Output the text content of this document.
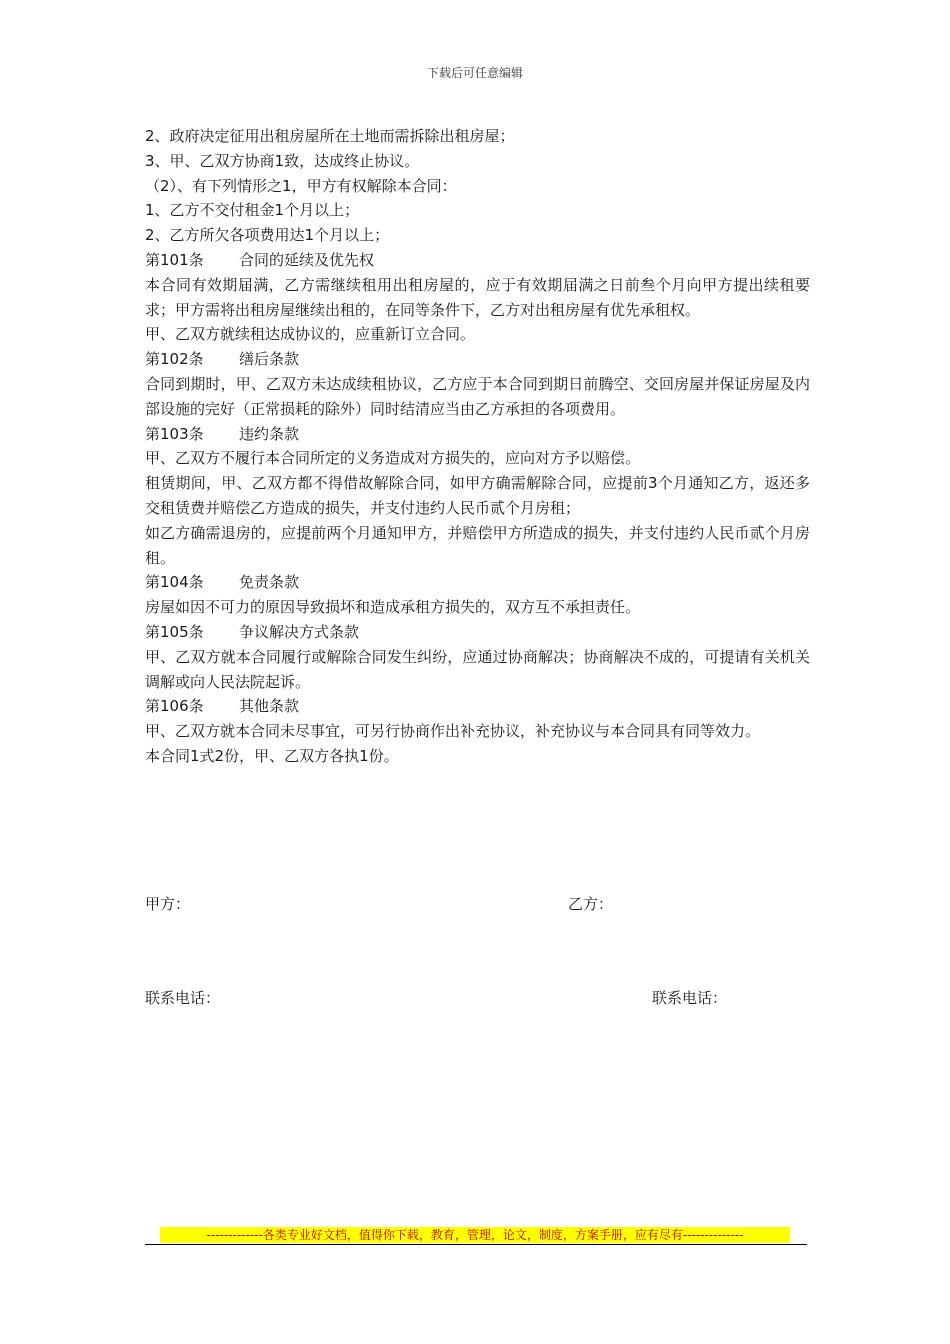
下载后可任意编辑

2、政府决定征用出租房屋所在土地而需拆除出租房屋；

3、甲、乙双方协商1致，达成终止协议。

（2）、有下列情形之1，甲方有权解除本合同：

1、乙方不交付租金1个月以上；

2、乙方所欠各项费用达1个月以上；

第101条 合同的延续及优先权

本合同有效期届满，乙方需继续租用出租房屋的，应于有效期届满之日前叁个月向甲方提出续租要求；甲方需将出租房屋继续出租的，在同等条件下，乙方对出租房屋有优先承租权。

甲、乙双方就续租达成协议的，应重新订立合同。

第102条 缮后条款

合同到期时，甲、乙双方未达成续租协议，乙方应于本合同到期日前腾空、交回房屋并保证房屋及内部设施的完好（正常损耗的除外）同时结清应当由乙方承担的各项费用。

第103条 违约条款

甲、乙双方不履行本合同所定的义务造成对方损失的，应向对方予以赔偿。

租赁期间，甲、乙双方都不得借故解除合同，如甲方确需解除合同，应提前3个月通知乙方，返还多交租赁费并赔偿乙方造成的损失，并支付违约人民币贰个月房租；

如乙方确需退房的，应提前两个月通知甲方，并赔偿甲方所造成的损失，并支付违约人民币贰个月房租。

第104条 免责条款

房屋如因不可力的原因导致损坏和造成承租方损失的，双方互不承担责任。

第105条 争议解决方式条款

甲、乙双方就本合同履行或解除合同发生纠纷，应通过协商解决；协商解决不成的，可提请有关机关调解或向人民法院起诉。

第106条 其他条款

甲、乙双方就本合同未尽事宜，可另行协商作出补充协议，补充协议与本合同具有同等效力。

本合同1式2份，甲、乙双方各执1份。

甲方：	乙方：
联系电话：	联系电话：
-------------各类专业好文档，值得你下载，教育，管理，论文，制度，方案手册，应有尽有--------------
